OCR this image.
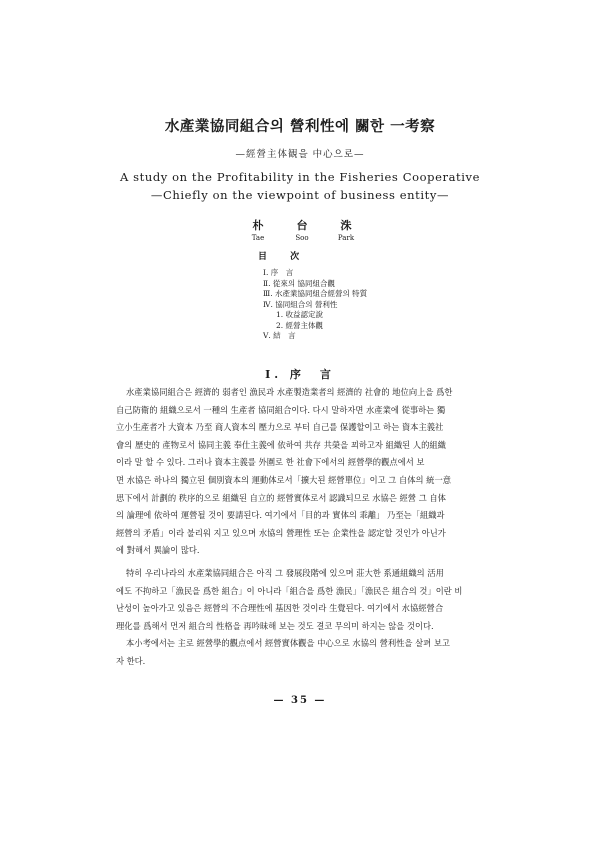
水產業協同組合의 營利性에 關한 一考察
—經營主体観을 中心으로—
A study on the Profitability in the Fisheries Cooperative
—Chiefly on the viewpoint of business entity—
朴	台	洙
Tae	Soo	Park
目 次
Ⅰ. 序　言
Ⅱ. 從來의 協同組合觀
Ⅲ. 水產業協同組合經營의 特質
Ⅳ. 協同組合의 營利性
1. 收益認定說
2. 經營主体觀
Ⅴ. 結　言
Ⅰ. 序　言
水產業協同組合은 經濟的 弱者인 漁民과 水產製造業者의 經濟的 社會的 地位向上을 爲한
自己防衛的 組織으로서 一種의 生產者 協同組合이다. 다시 말하자면 水產業에 從事하는 獨
立小生產者가 大資本 乃至 商人資本의 壓力으로 부터 自己를 保護할이고 하는 資本主義社
會의 歷史的 產物로서 協同主義 奉仕主義에 依하여 共存 共榮을 꾀하고자 組織된 人的組織
이라 말 할 수 있다. 그러나 資本主義를 外圍로 한 社會下에서의 經營學的觀点에서 보
면 水協은 하나의 獨立된 個別資本의 運動体로서「擴大된 經營單位」이고 그 自体의 統一意
思下에서 計劃的 秩序的으로 組織된 自立的 經營實体로서 認識되므로 水協은 經營 그 自体
의 論理에 依하여 運營될 것이 要請된다. 여기에서「目的과 實体의 乖離」 乃至는「組織과
經營의 矛盾」이라 불리워 지고 있으며 水協의 營理性 또는 企業性을 認定할 것인가 아닌가
에 對해서 異論이 많다.
特히 우리나라의 水產業協同組合은 아직 그 發展段階에 있으며 莊大한 系通組織의 活用
에도 不拘하고「漁民을 爲한 組合」이 아니라「組合을 爲한 漁民」「漁民은 組合의 것」이란 비
난성이 높아가고 있음은 經營의 不合理性에 基因한 것이라 生覺된다. 여기에서 水協經營合
理化를 爲해서 먼저 組合의 性格을 再吟昧해 보는 것도 결코 무의미 하지는 않을 것이다.
本小考에서는 主로 經營學的觀点에서 經營實体觀을 中心으로 水協의 營利性을 살펴 보고
자 한다.
— 35 —
